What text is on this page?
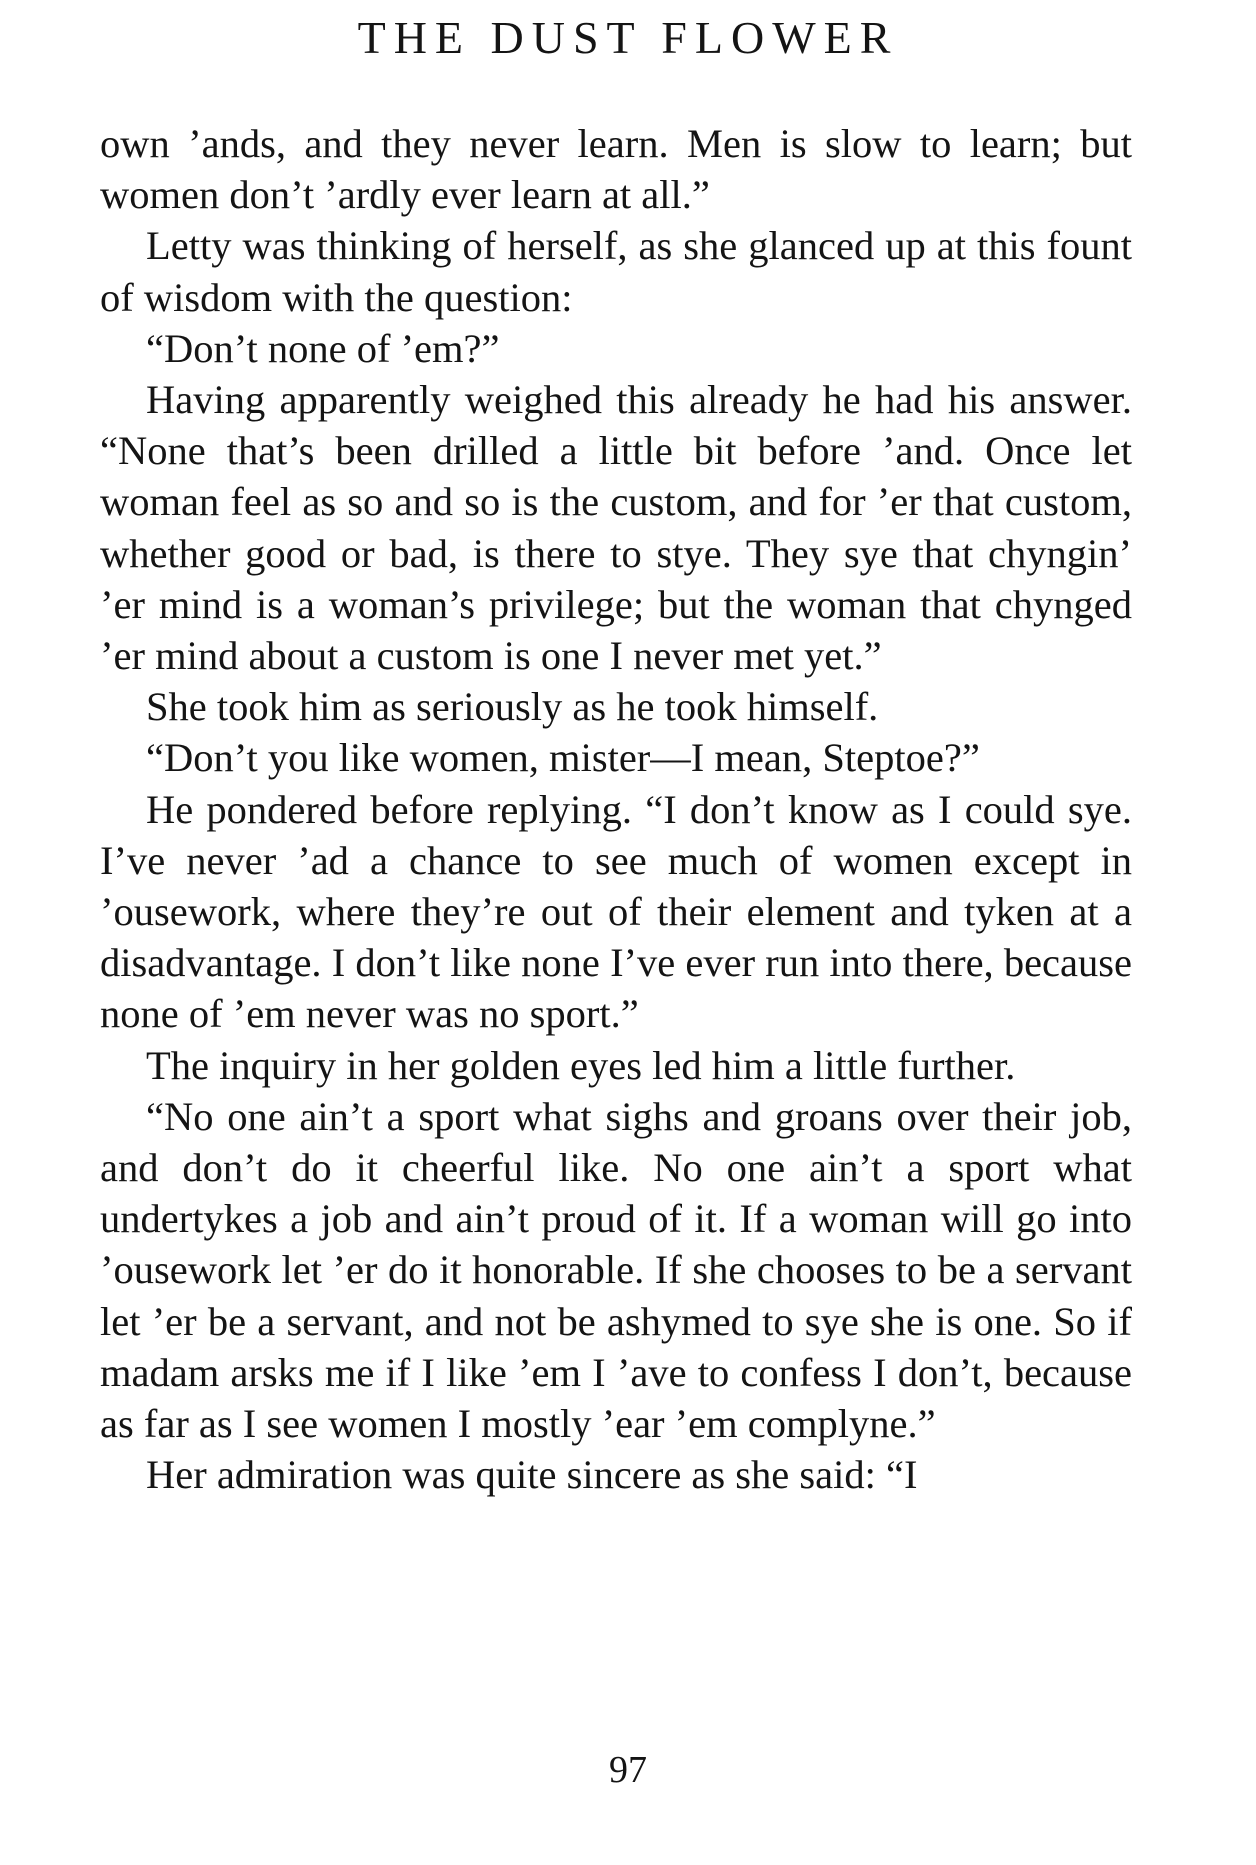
THE DUST FLOWER

own ’ands, and they never learn. Men is slow to learn; but women don’t ’ardly ever learn at all.”

Letty was thinking of herself, as she glanced up at this fount of wisdom with the question:

“Don’t none of ’em?”

Having apparently weighed this already he had his answer. “None that’s been drilled a little bit before ’and. Once let woman feel as so and so is the custom, and for ’er that custom, whether good or bad, is there to stye. They sye that chyngin’ ’er mind is a woman’s privilege; but the woman that chynged ’er mind about a custom is one I never met yet.”

She took him as seriously as he took himself.

“Don’t you like women, mister—I mean, Steptoe?”

He pondered before replying. “I don’t know as I could sye. I’ve never ’ad a chance to see much of women except in ’ousework, where they’re out of their element and tyken at a disadvantage. I don’t like none I’ve ever run into there, because none of ’em never was no sport.”

The inquiry in her golden eyes led him a little further.

“No one ain’t a sport what sighs and groans over their job, and don’t do it cheerful like. No one ain’t a sport what undertykes a job and ain’t proud of it. If a woman will go into ’ousework let ’er do it honorable. If she chooses to be a servant let ’er be a servant, and not be ashymed to sye she is one. So if madam arsks me if I like ’em I ’ave to confess I don’t, because as far as I see women I mostly ’ear ’em complyne.”

Her admiration was quite sincere as she said: “I

97
